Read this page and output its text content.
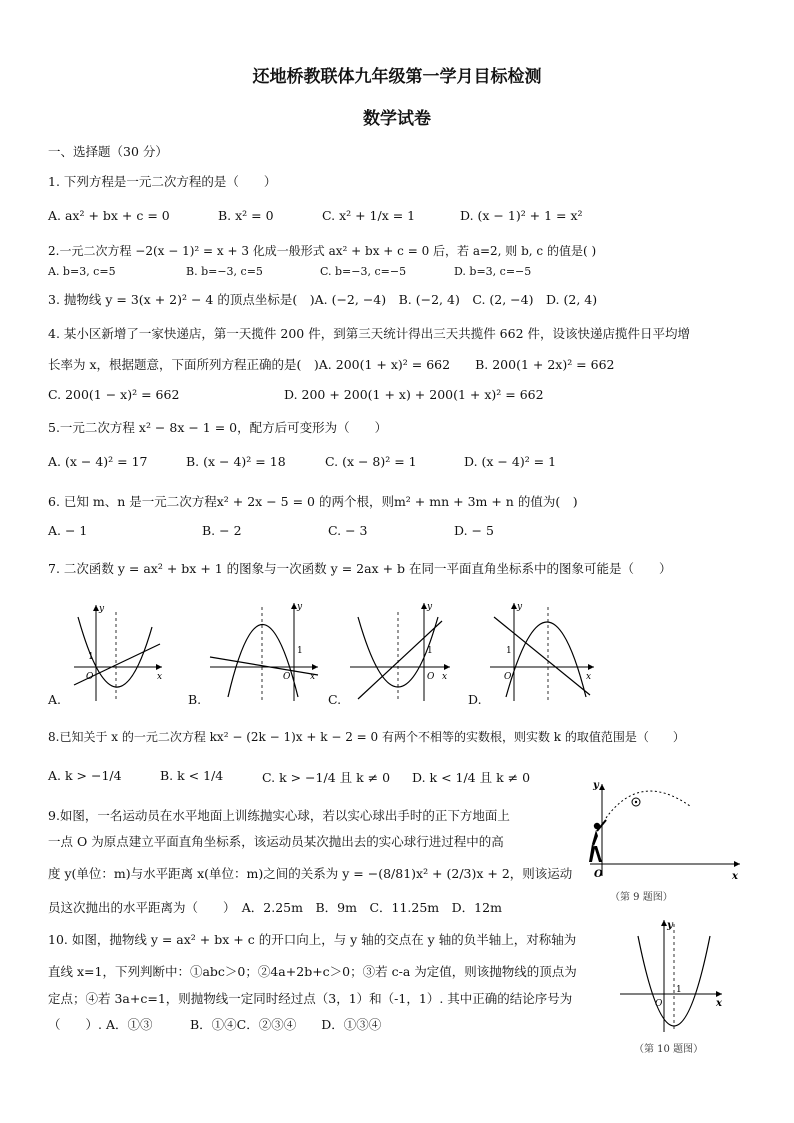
还地桥教联体九年级第一学月目标检测
数学试卷
一、选择题（30 分）
1. 下列方程是一元二次方程的是（　　）
A. ax² + bx + c = 0	B. x² = 0	C. x² + 1/x = 1	D. (x − 1)² + 1 = x²
2.一元二次方程 −2(x − 1)² = x + 3 化成一般形式 ax² + bx + c = 0 后，若 a=2, 则 b, c 的值是( )
A. b=3, c=5	B. b=−3, c=5	C. b=−3, c=−5	D. b=3, c=−5
3. 抛物线 y = 3(x + 2)² − 4 的顶点坐标是(　)A. (−2, −4)　B. (−2, 4)　C. (2, −4)　D. (2, 4)
4. 某小区新增了一家快递店，第一天揽件 200 件，到第三天统计得出三天共揽件 662 件，设该快递店揽件日平均增
长率为 x，根据题意，下面所列方程正确的是(　)A. 200(1 + x)² = 662　　B. 200(1 + 2x)² = 662
C. 200(1 − x)² = 662	D. 200 + 200(1 + x) + 200(1 + x)² = 662
5.一元二次方程 x² − 8x − 1 = 0，配方后可变形为（　　）
A. (x − 4)² = 17	B. (x − 4)² = 18	C. (x − 8)² = 1	D. (x − 4)² = 1
6. 已知 m、n 是一元二次方程x² + 2x − 5 = 0 的两个根，则m² + mn + 3m + n 的值为(　)
A. − 1	B. − 2	C. − 3	D. − 5
7. 二次函数 y = ax² + bx + 1 的图象与一次函数 y = 2ax + b 在同一平面直角坐标系中的图象可能是（　　）
x
y
O
1
A.
x
y
O
1
B.
x
y
O
1
C.
x
y
O
1
D.
8.已知关于 x 的一元二次方程 kx² − (2k − 1)x + k − 2 = 0 有两个不相等的实数根，则实数 k 的取值范围是（　　）
A. k > −1/4	B. k < 1/4	C. k > −1/4 且 k ≠ 0 D. k < 1/4 且 k ≠ 0
9.如图，一名运动员在水平地面上训练抛实心球，若以实心球出手时的正下方地面上
一点 O 为原点建立平面直角坐标系，该运动员某次抛出去的实心球行进过程中的高
度 y(单位：m)与水平距离 x(单位：m)之间的关系为 y = −(8/81)x² + (2/3)x + 2，则该运动
员这次抛出的水平距离为（　　）　A．2.25m　B．9m　C．11.25m　D．12m
x
y
O
（第 9 题图）
10. 如图，抛物线 y = ax² + bx + c 的开口向上，与 y 轴的交点在 y 轴的负半轴上，对称轴为
直线 x=1，下列判断中：①abc＞0；②4a+2b+c＞0；③若 c-a 为定值，则该抛物线的顶点为
定点；④若 3a+c=1，则抛物线一定同时经过点（3，1）和（-1，1）. 其中正确的结论序号为
（　　）. A．①③　　　B．①④C．②③④　　D．①③④
x
y
O
1
（第 10 题图）
